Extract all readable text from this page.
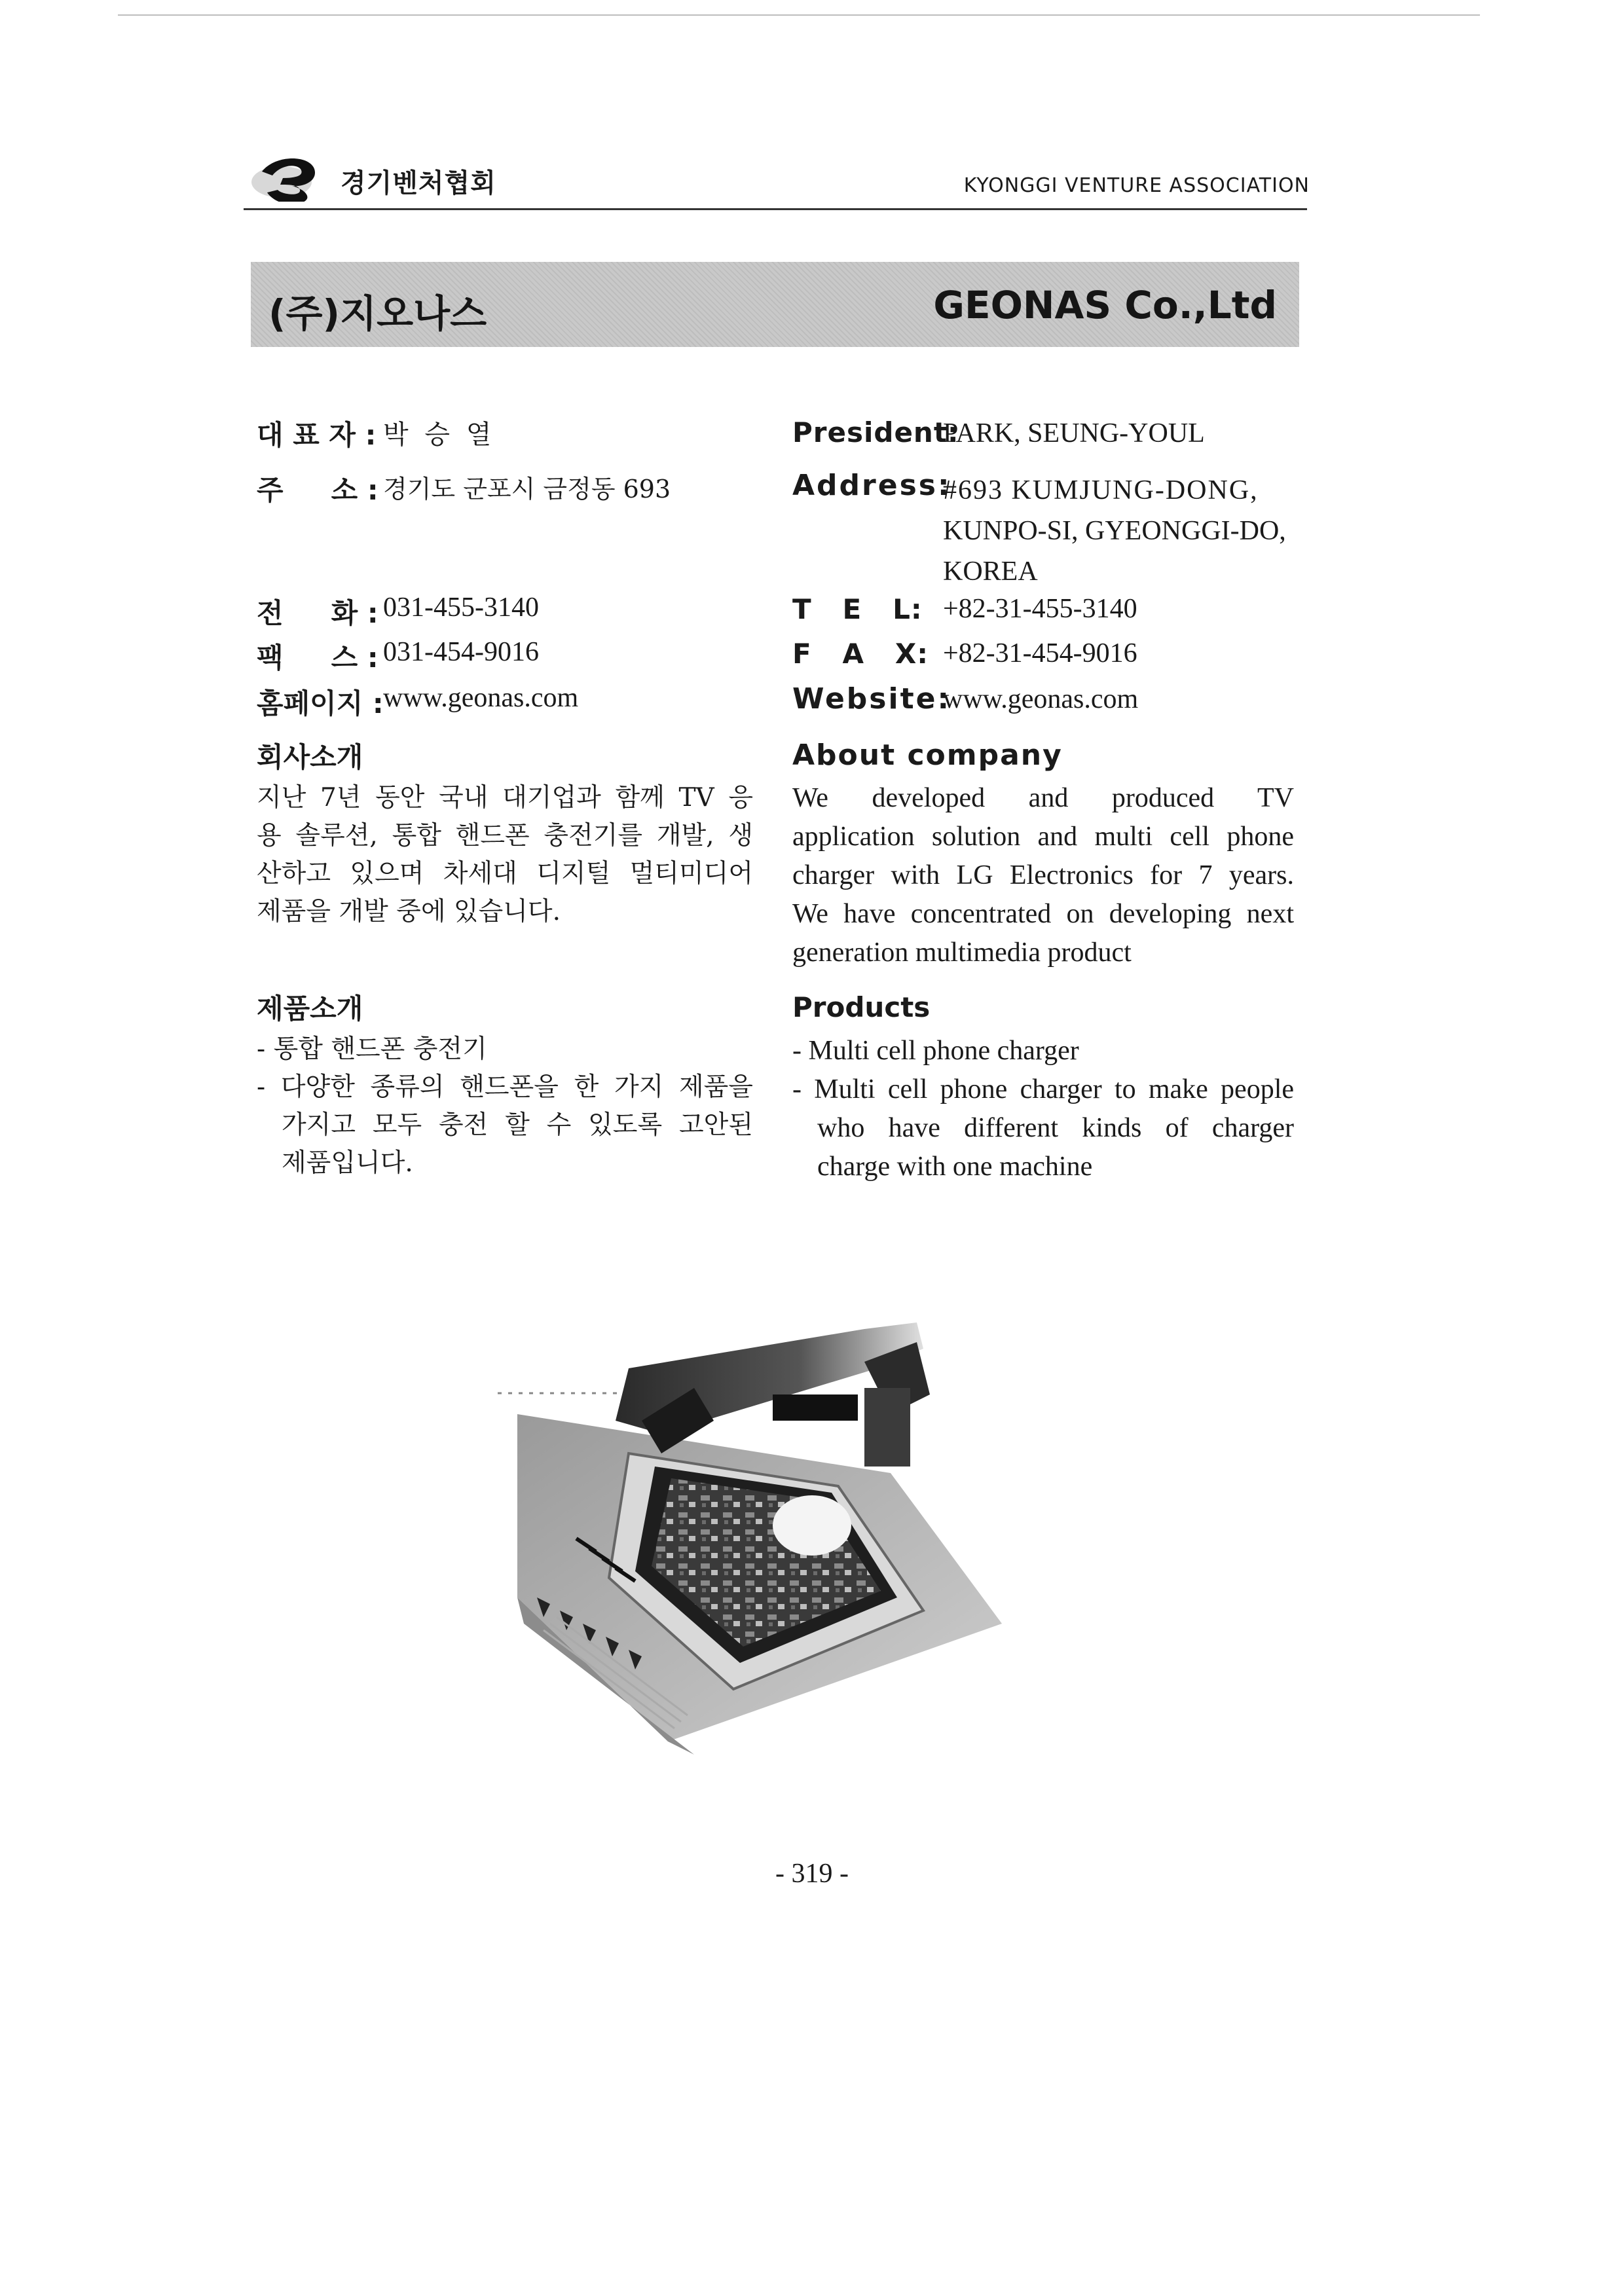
경기벤처협회	KYONGGI VENTURE ASSOCIATION
(주)지오나스	GEONAS Co.,Ltd
대 표 자 : 박 승 열
주     소 : 경기도 군포시 금정동 693
전     화 : 031-455-3140
팩     스 : 031-454-9016
홈페이지 : www.geonas.com
회사소개
지난 7년 동안 국내 대기업과 함께 TV 응
용 솔루션, 통합 핸드폰 충전기를 개발, 생
산하고 있으며 차세대 디지털 멀티미디어
제품을 개발 중에 있습니다.
제품소개
- 통합 핸드폰 충전기
- 다양한 종류의 핸드폰을 한 가지 제품을
가지고 모두 충전 할 수 있도록 고안된
제품입니다.
President:
PARK, SEUNG-YOUL
Address:
#693 KUMJUNG-DONG,
KUNPO-SI, GYEONGGI-DO,
KOREA
T   E   L: +82-31-455-3140
F   A   X: +82-31-454-9016
Website:
www.geonas.com
About company
We developed and produced TV
application solution and multi cell phone
charger with LG Electronics for 7 years.
We have concentrated on developing next
generation multimedia product
Products
- Multi cell phone charger
- Multi cell phone charger to make people
who have different kinds of charger
charge with one machine
- 319 -
